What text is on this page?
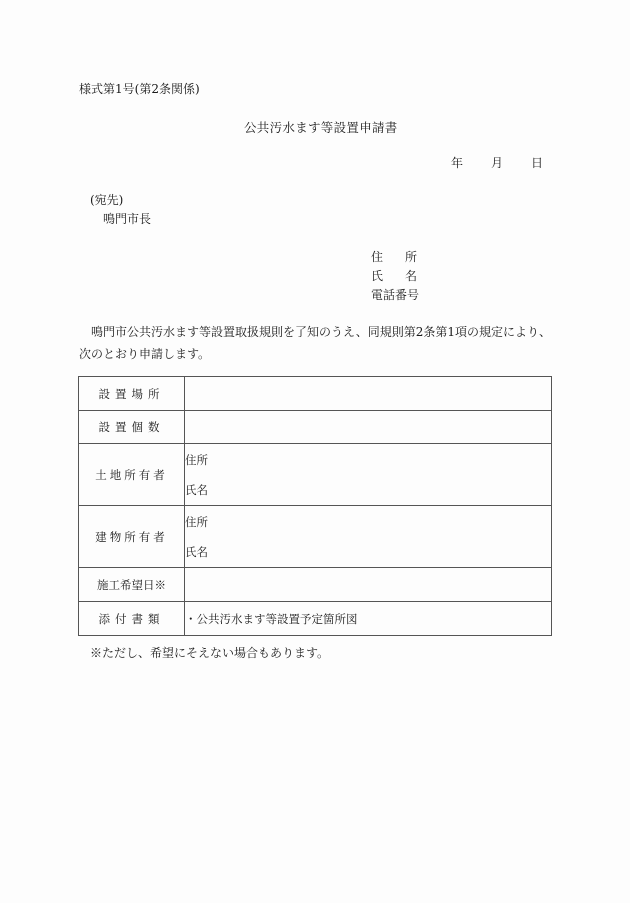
様式第1号(第2条関係)
公共汚水ます等設置申請書
年 月 日
(宛先)
鳴門市長
住 所
氏 名
電話番号
鳴門市公共汚水ます等設置取扱規則を了知のうえ、同規則第2条第1項の規定により、次のとおり申請します。
設置場所	
設置個数	
土地所有者	住所
氏名

建物所有者	住所
氏名

施工希望日※	
添付書類	・公共汚水ます等設置予定箇所図
※ただし、希望にそえない場合もあります。
